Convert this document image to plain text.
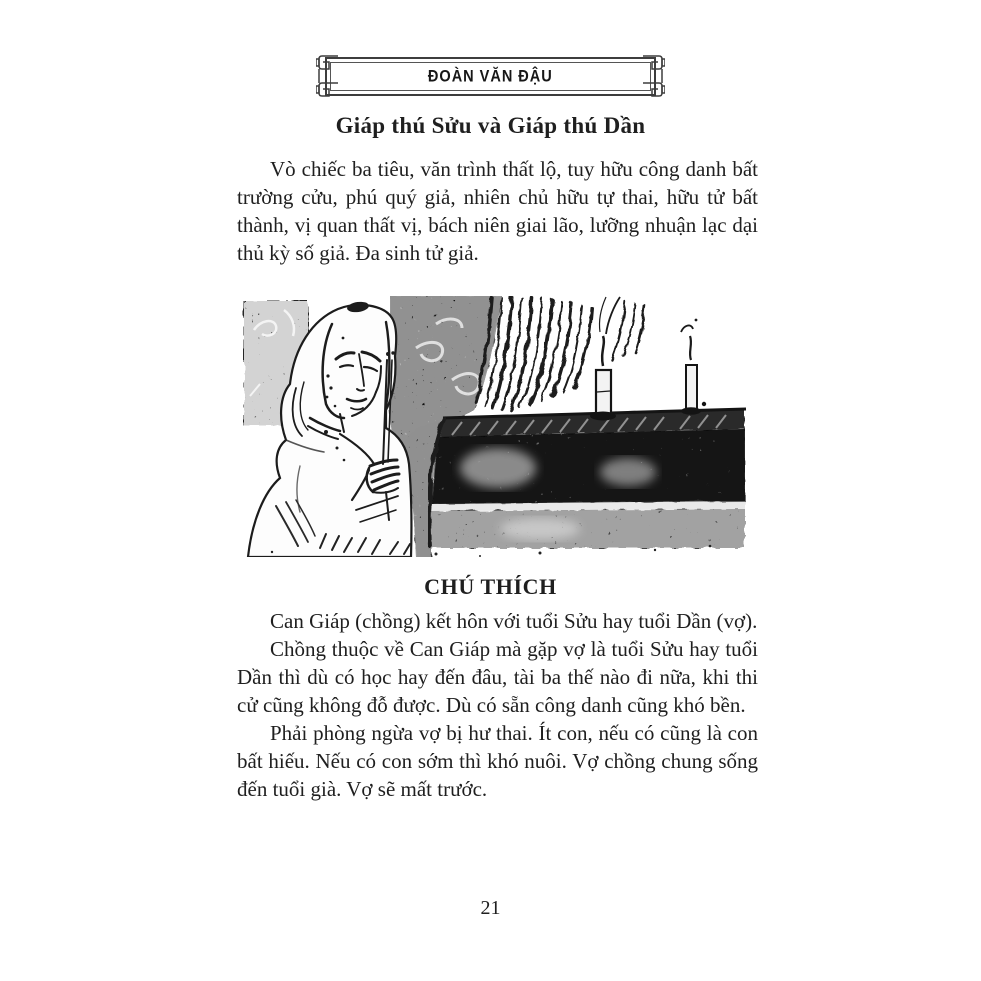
ĐOÀN VĂN ĐẬU
Giáp thú Sửu và Giáp thú Dần

Vò chiếc ba tiêu, văn trình thất lộ, tuy hữu công danh bất trường cửu, phú quý giả, nhiên chủ hữu tự thai, hữu tử bất thành, vị quan thất vị, bách niên giai lão, lưỡng nhuận lạc dại thủ kỳ số giả. Đa sinh tử giả.

CHÚ THÍCH

Can Giáp (chồng) kết hôn với tuổi Sửu hay tuổi Dần (vợ).

Chồng thuộc về Can Giáp mà gặp vợ là tuổi Sửu hay tuổi Dần thì dù có học hay đến đâu, tài ba thế nào đi nữa, khi thi cử cũng không đỗ được. Dù có sẵn công danh cũng khó bền.

Phải phòng ngừa vợ bị hư thai. Ít con, nếu có cũng là con bất hiếu. Nếu có con sớm thì khó nuôi. Vợ chồng chung sống đến tuổi già. Vợ sẽ mất trước.

21
